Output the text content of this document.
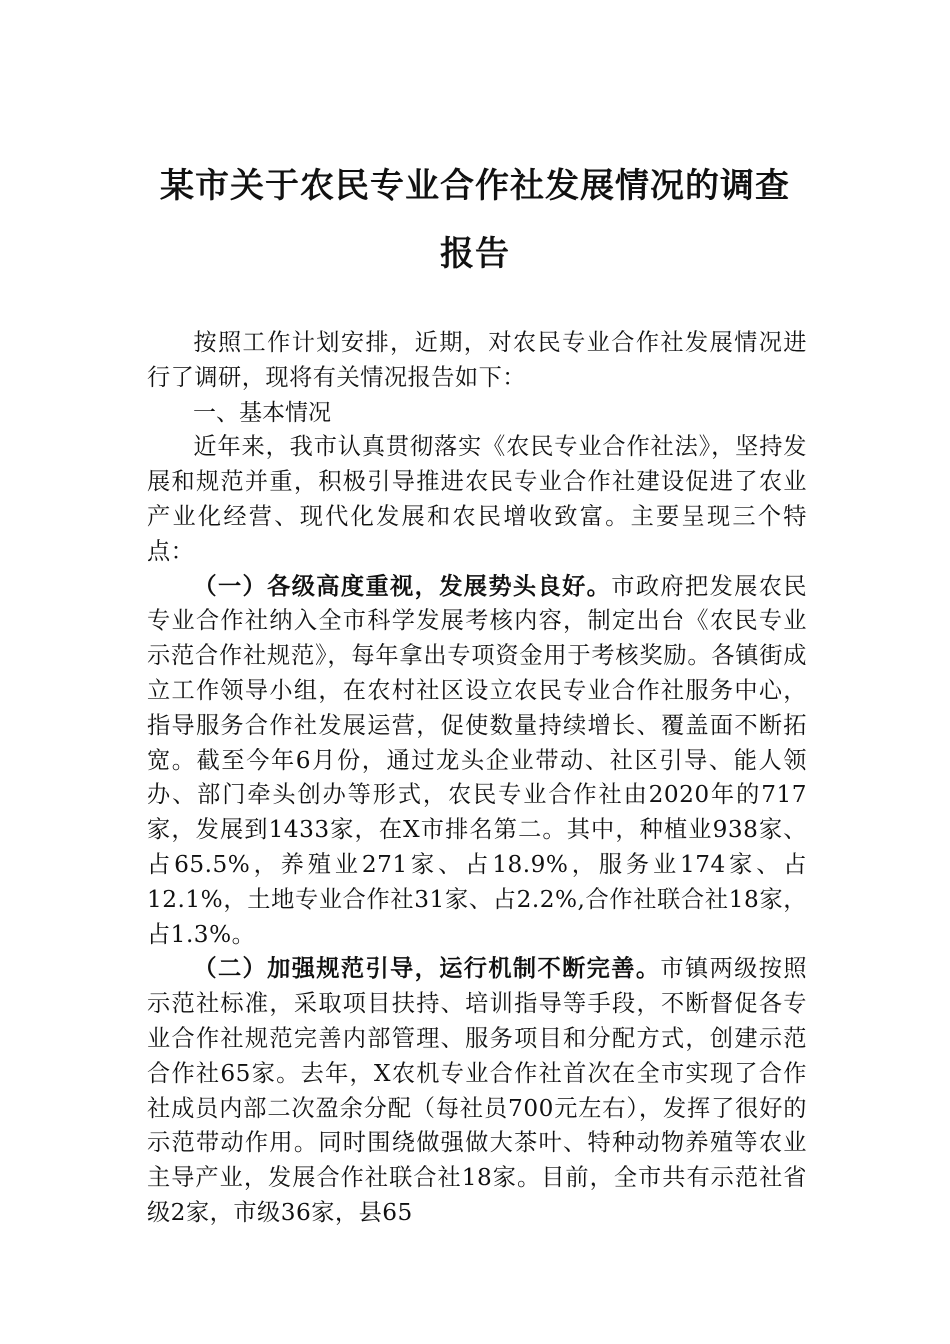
某市关于农民专业合作社发展情况的调查
报告

按照工作计划安排，近期，对农民专业合作社发展情况进行了调研，现将有关情况报告如下：

一、基本情况

近年来，我市认真贯彻落实《农民专业合作社法》，坚持发展和规范并重，积极引导推进农民专业合作社建设促进了农业产业化经营、现代化发展和农民增收致富。主要呈现三个特点：

（一）各级高度重视，发展势头良好。市政府把发展农民专业合作社纳入全市科学发展考核内容，制定出台《农民专业示范合作社规范》，每年拿出专项资金用于考核奖励。各镇街成立工作领导小组，在农村社区设立农民专业合作社服务中心，指导服务合作社发展运营，促使数量持续增长、覆盖面不断拓宽。截至今年6月份，通过龙头企业带动、社区引导、能人领办、部门牵头创办等形式，农民专业合作社由2020年的717家，发展到1433家，在X市排名第二。其中，种植业938家、占65.5%，养殖业271家、占18.9%，服务业174家、占12.1%，土地专业合作社31家、占2.2%,合作社联合社18家，占1.3%。

（二）加强规范引导，运行机制不断完善。市镇两级按照示范社标准，采取项目扶持、培训指导等手段，不断督促各专业合作社规范完善内部管理、服务项目和分配方式，创建示范合作社65家。去年，X农机专业合作社首次在全市实现了合作社成员内部二次盈余分配（每社员700元左右），发挥了很好的示范带动作用。同时围绕做强做大茶叶、特种动物养殖等农业主导产业，发展合作社联合社18家。目前，全市共有示范社省级2家，市级36家，县65
